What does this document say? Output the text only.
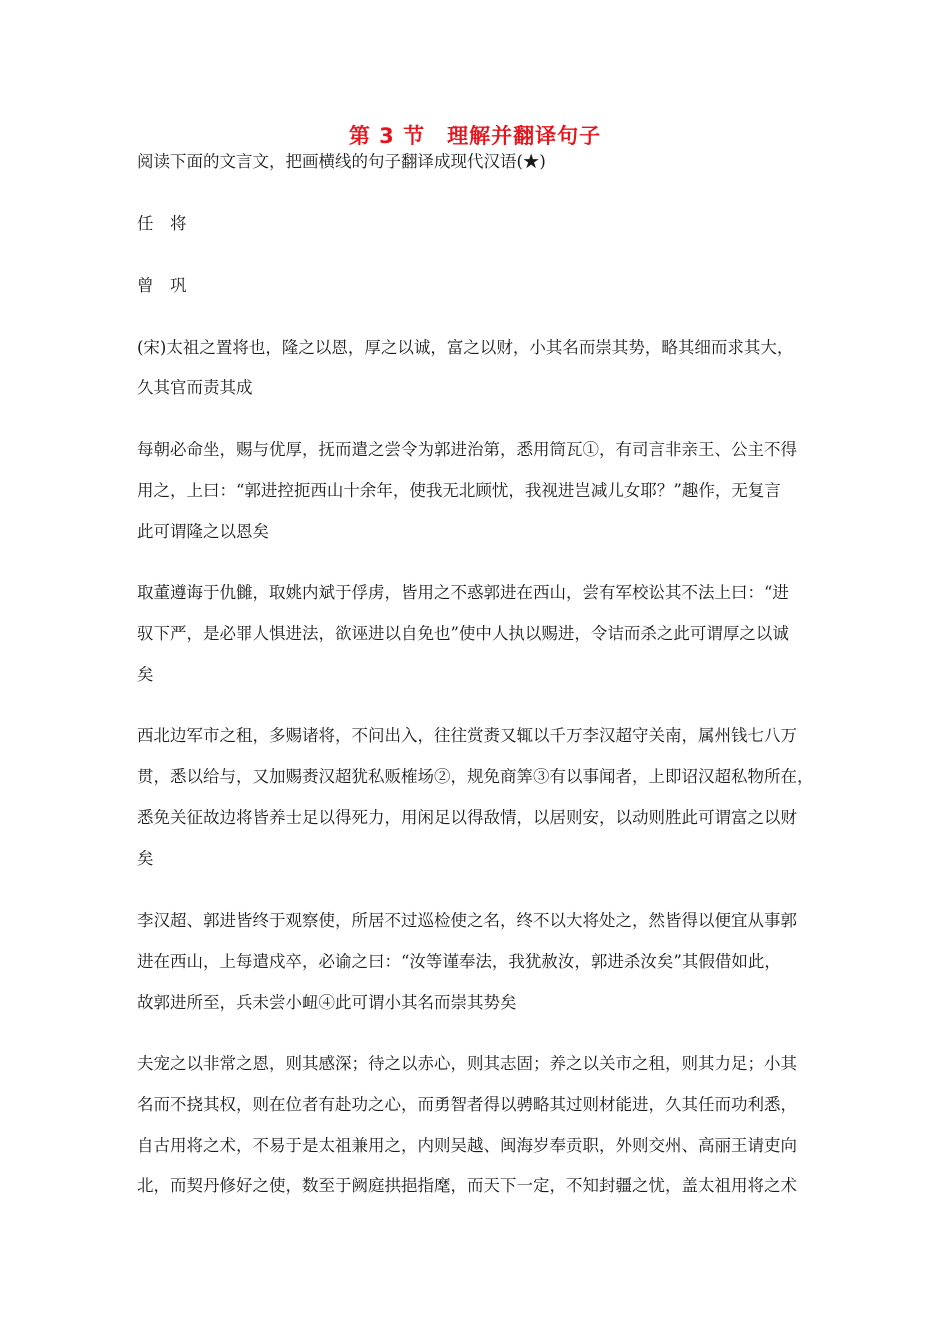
第 3 节　理解并翻译句子
阅读下面的文言文，把画横线的句子翻译成现代汉语(★)
任　将
曾　巩
(宋)太祖之置将也，隆之以恩，厚之以诚，富之以财，小其名而崇其势，略其细而求其大，
久其官而责其成
每朝必命坐，赐与优厚，抚而遣之尝令为郭进治第，悉用筒瓦①，有司言非亲王、公主不得
用之，上曰：“郭进控扼西山十余年，使我无北顾忧，我视进岂减儿女耶？”趣作，无复言
此可谓隆之以恩矣
取董遵诲于仇雠，取姚内斌于俘虏，皆用之不惑郭进在西山，尝有军校讼其不法上曰：“进
驭下严，是必罪人惧进法，欲诬进以自免也”使中人执以赐进，令诘而杀之此可谓厚之以诚
矣
西北边军市之租，多赐诸将，不问出入，往往赏赉又辄以千万李汉超守关南，属州钱七八万
贯，悉以给与，又加赐赉汉超犹私贩榷场②，规免商筭③有以事闻者，上即诏汉超私物所在，
悉免关征故边将皆养士足以得死力，用闲足以得敌情，以居则安，以动则胜此可谓富之以财
矣
李汉超、郭进皆终于观察使，所居不过巡检使之名，终不以大将处之，然皆得以便宜从事郭
进在西山，上每遣戍卒，必谕之曰：“汝等谨奉法，我犹赦汝，郭进杀汝矣”其假借如此，
故郭进所至，兵未尝小衄④此可谓小其名而崇其势矣
夫宠之以非常之恩，则其感深；待之以赤心，则其志固；养之以关市之租，则其力足；小其
名而不挠其权，则在位者有赴功之心，而勇智者得以骋略其过则材能进，久其任而功利悉，
自古用将之术，不易于是太祖兼用之，内则吴越、闽海岁奉贡职，外则交州、高丽王请吏向
北，而契丹修好之使，数至于阙庭拱挹指麾，而天下一定，不知封疆之忧，盖太祖用将之术
